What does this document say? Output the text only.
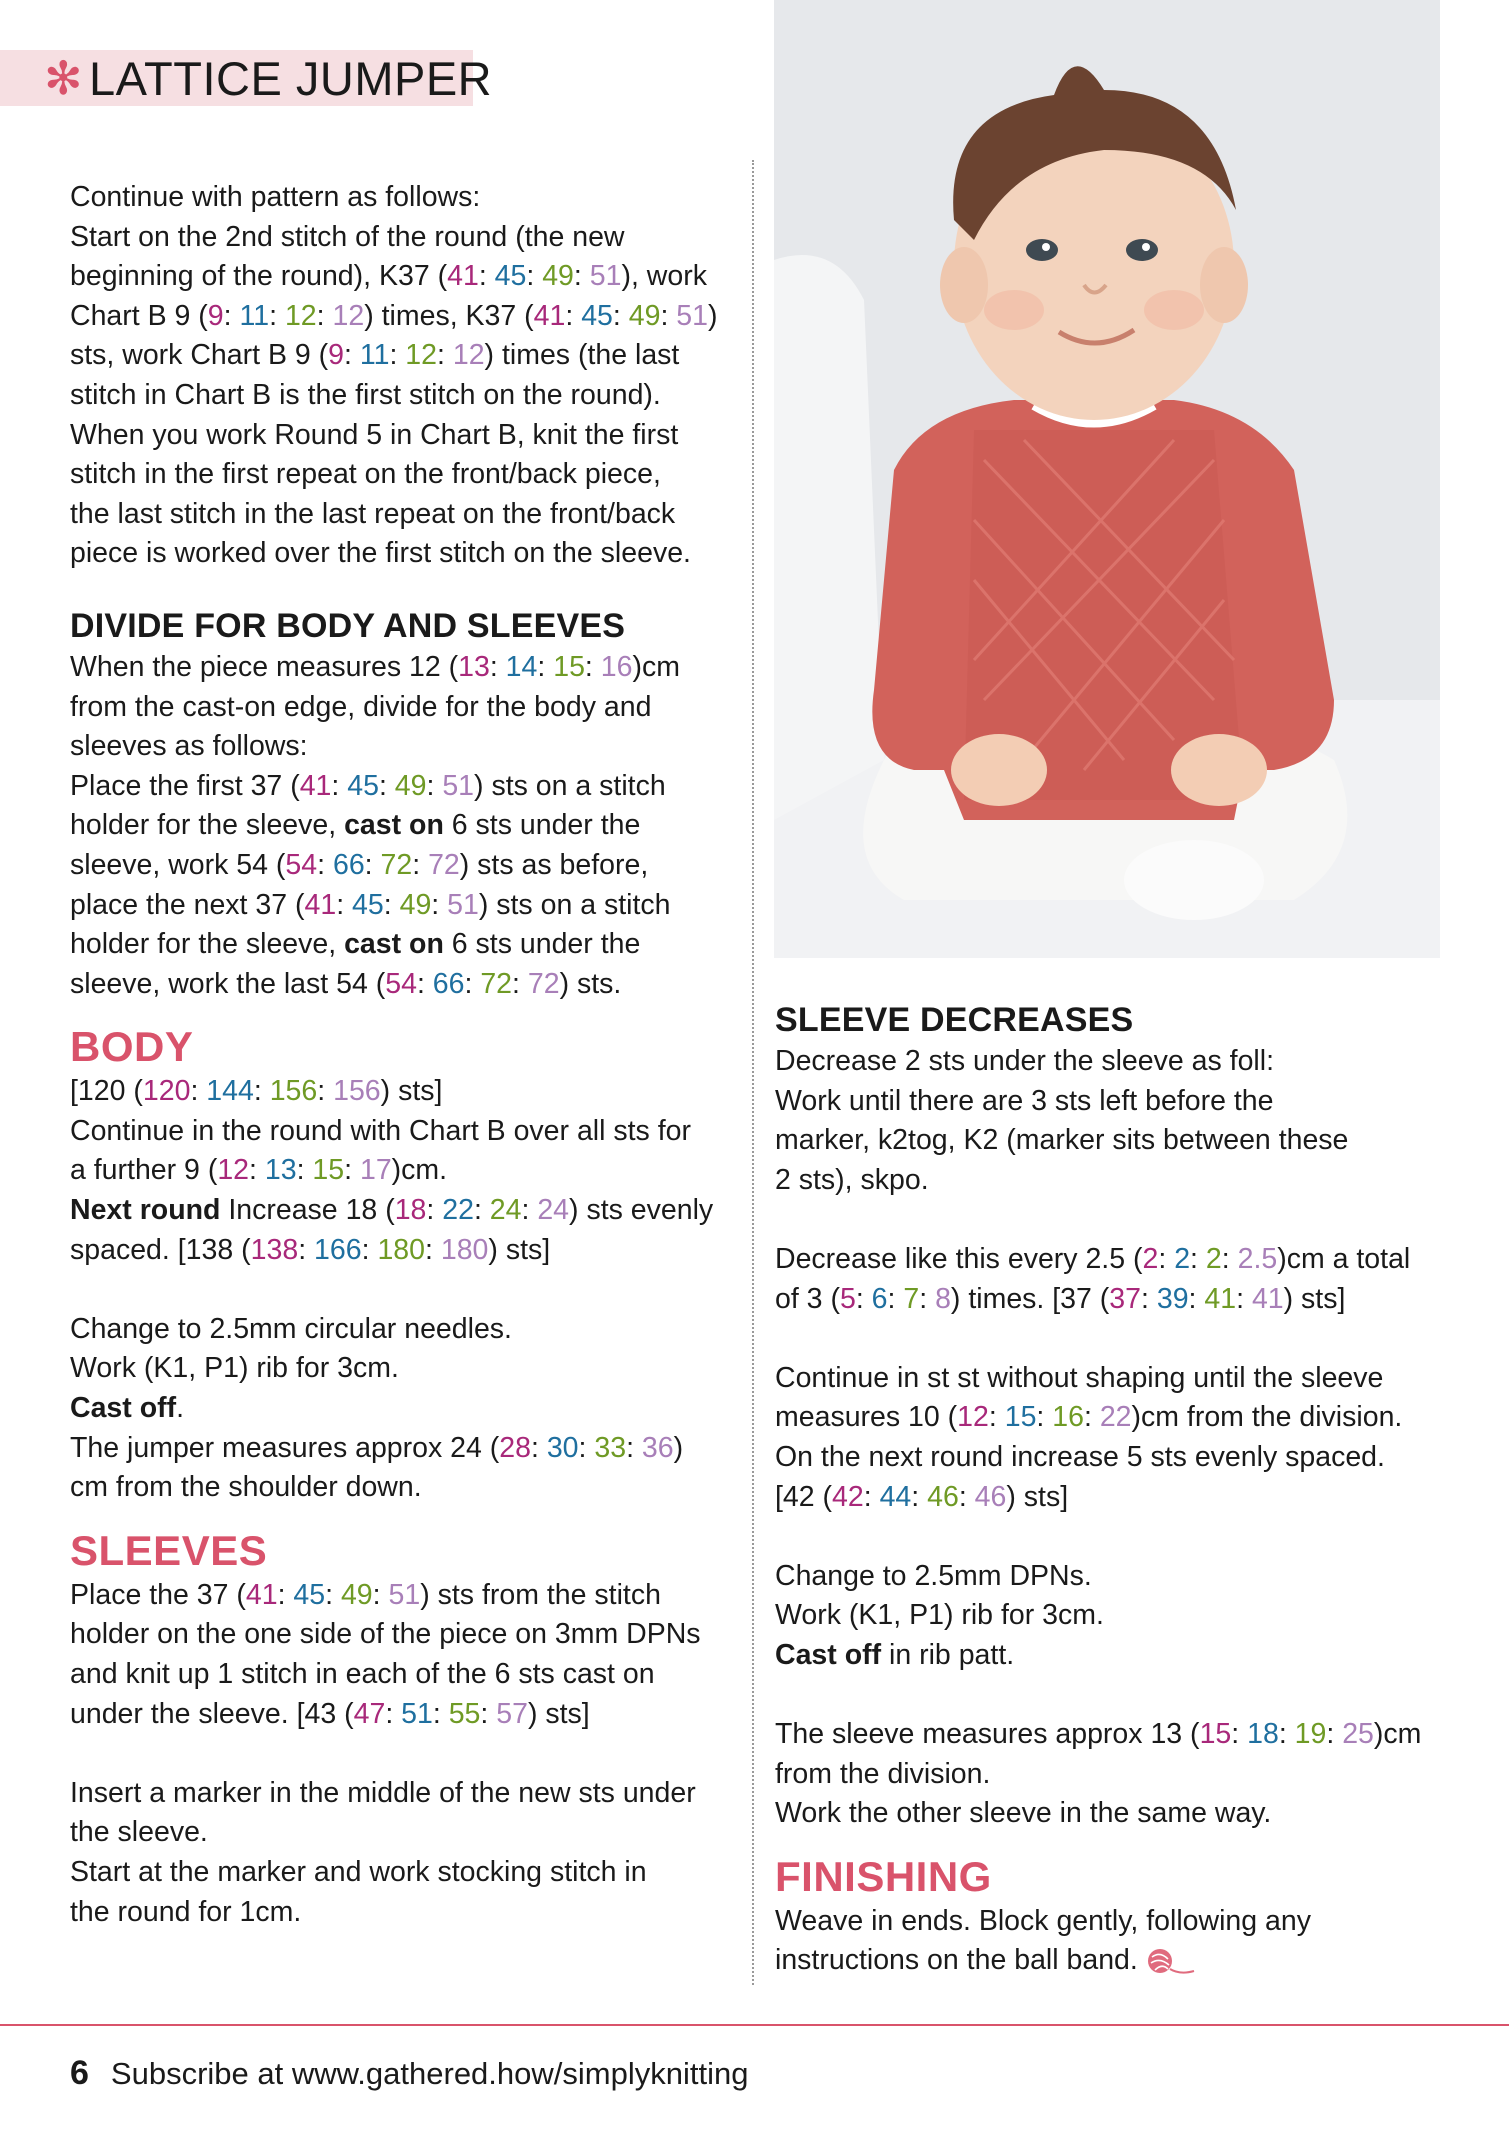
✻ LATTICE JUMPER

Continue with pattern as follows:

Start on the 2nd stitch of the round (the new

beginning of the round), K37 (41: 45: 49: 51), work

Chart B 9 (9: 11: 12: 12) times, K37 (41: 45: 49: 51)

sts, work Chart B 9 (9: 11: 12: 12) times (the last

stitch in Chart B is the first stitch on the round).

When you work Round 5 in Chart B, knit the first

stitch in the first repeat on the front/back piece,

the last stitch in the last repeat on the front/back

piece is worked over the first stitch on the sleeve.

DIVIDE FOR BODY AND SLEEVES

When the piece measures 12 (13: 14: 15: 16)cm

from the cast-on edge, divide for the body and

sleeves as follows:

Place the first 37 (41: 45: 49: 51) sts on a stitch

holder for the sleeve, cast on 6 sts under the

sleeve, work 54 (54: 66: 72: 72) sts as before,

place the next 37 (41: 45: 49: 51) sts on a stitch

holder for the sleeve, cast on 6 sts under the

sleeve, work the last 54 (54: 66: 72: 72) sts.

BODY

[120 (120: 144: 156: 156) sts]

Continue in the round with Chart B over all sts for

a further 9 (12: 13: 15: 17)cm.

Next round Increase 18 (18: 22: 24: 24) sts evenly

spaced. [138 (138: 166: 180: 180) sts]

Change to 2.5mm circular needles.

Work (K1, P1) rib for 3cm.

Cast off.

The jumper measures approx 24 (28: 30: 33: 36)

cm from the shoulder down.

SLEEVES

Place the 37 (41: 45: 49: 51) sts from the stitch

holder on the one side of the piece on 3mm DPNs

and knit up 1 stitch in each of the 6 sts cast on

under the sleeve. [43 (47: 51: 55: 57) sts]

Insert a marker in the middle of the new sts under

the sleeve.

Start at the marker and work stocking stitch in

the round for 1cm.

SLEEVE DECREASES

Decrease 2 sts under the sleeve as foll:

Work until there are 3 sts left before the

marker, k2tog, K2 (marker sits between these

2 sts), skpo.

Decrease like this every 2.5 (2: 2: 2: 2.5)cm a total

of 3 (5: 6: 7: 8) times. [37 (37: 39: 41: 41) sts]

Continue in st st without shaping until the sleeve

measures 10 (12: 15: 16: 22)cm from the division.

On the next round increase 5 sts evenly spaced.

[42 (42: 44: 46: 46) sts]

Change to 2.5mm DPNs.

Work (K1, P1) rib for 3cm.

Cast off in rib patt.

The sleeve measures approx 13 (15: 18: 19: 25)cm

from the division.

Work the other sleeve in the same way.

FINISHING

Weave in ends. Block gently, following any

instructions on the ball band.

6 Subscribe at www.gathered.how/simplyknitting
